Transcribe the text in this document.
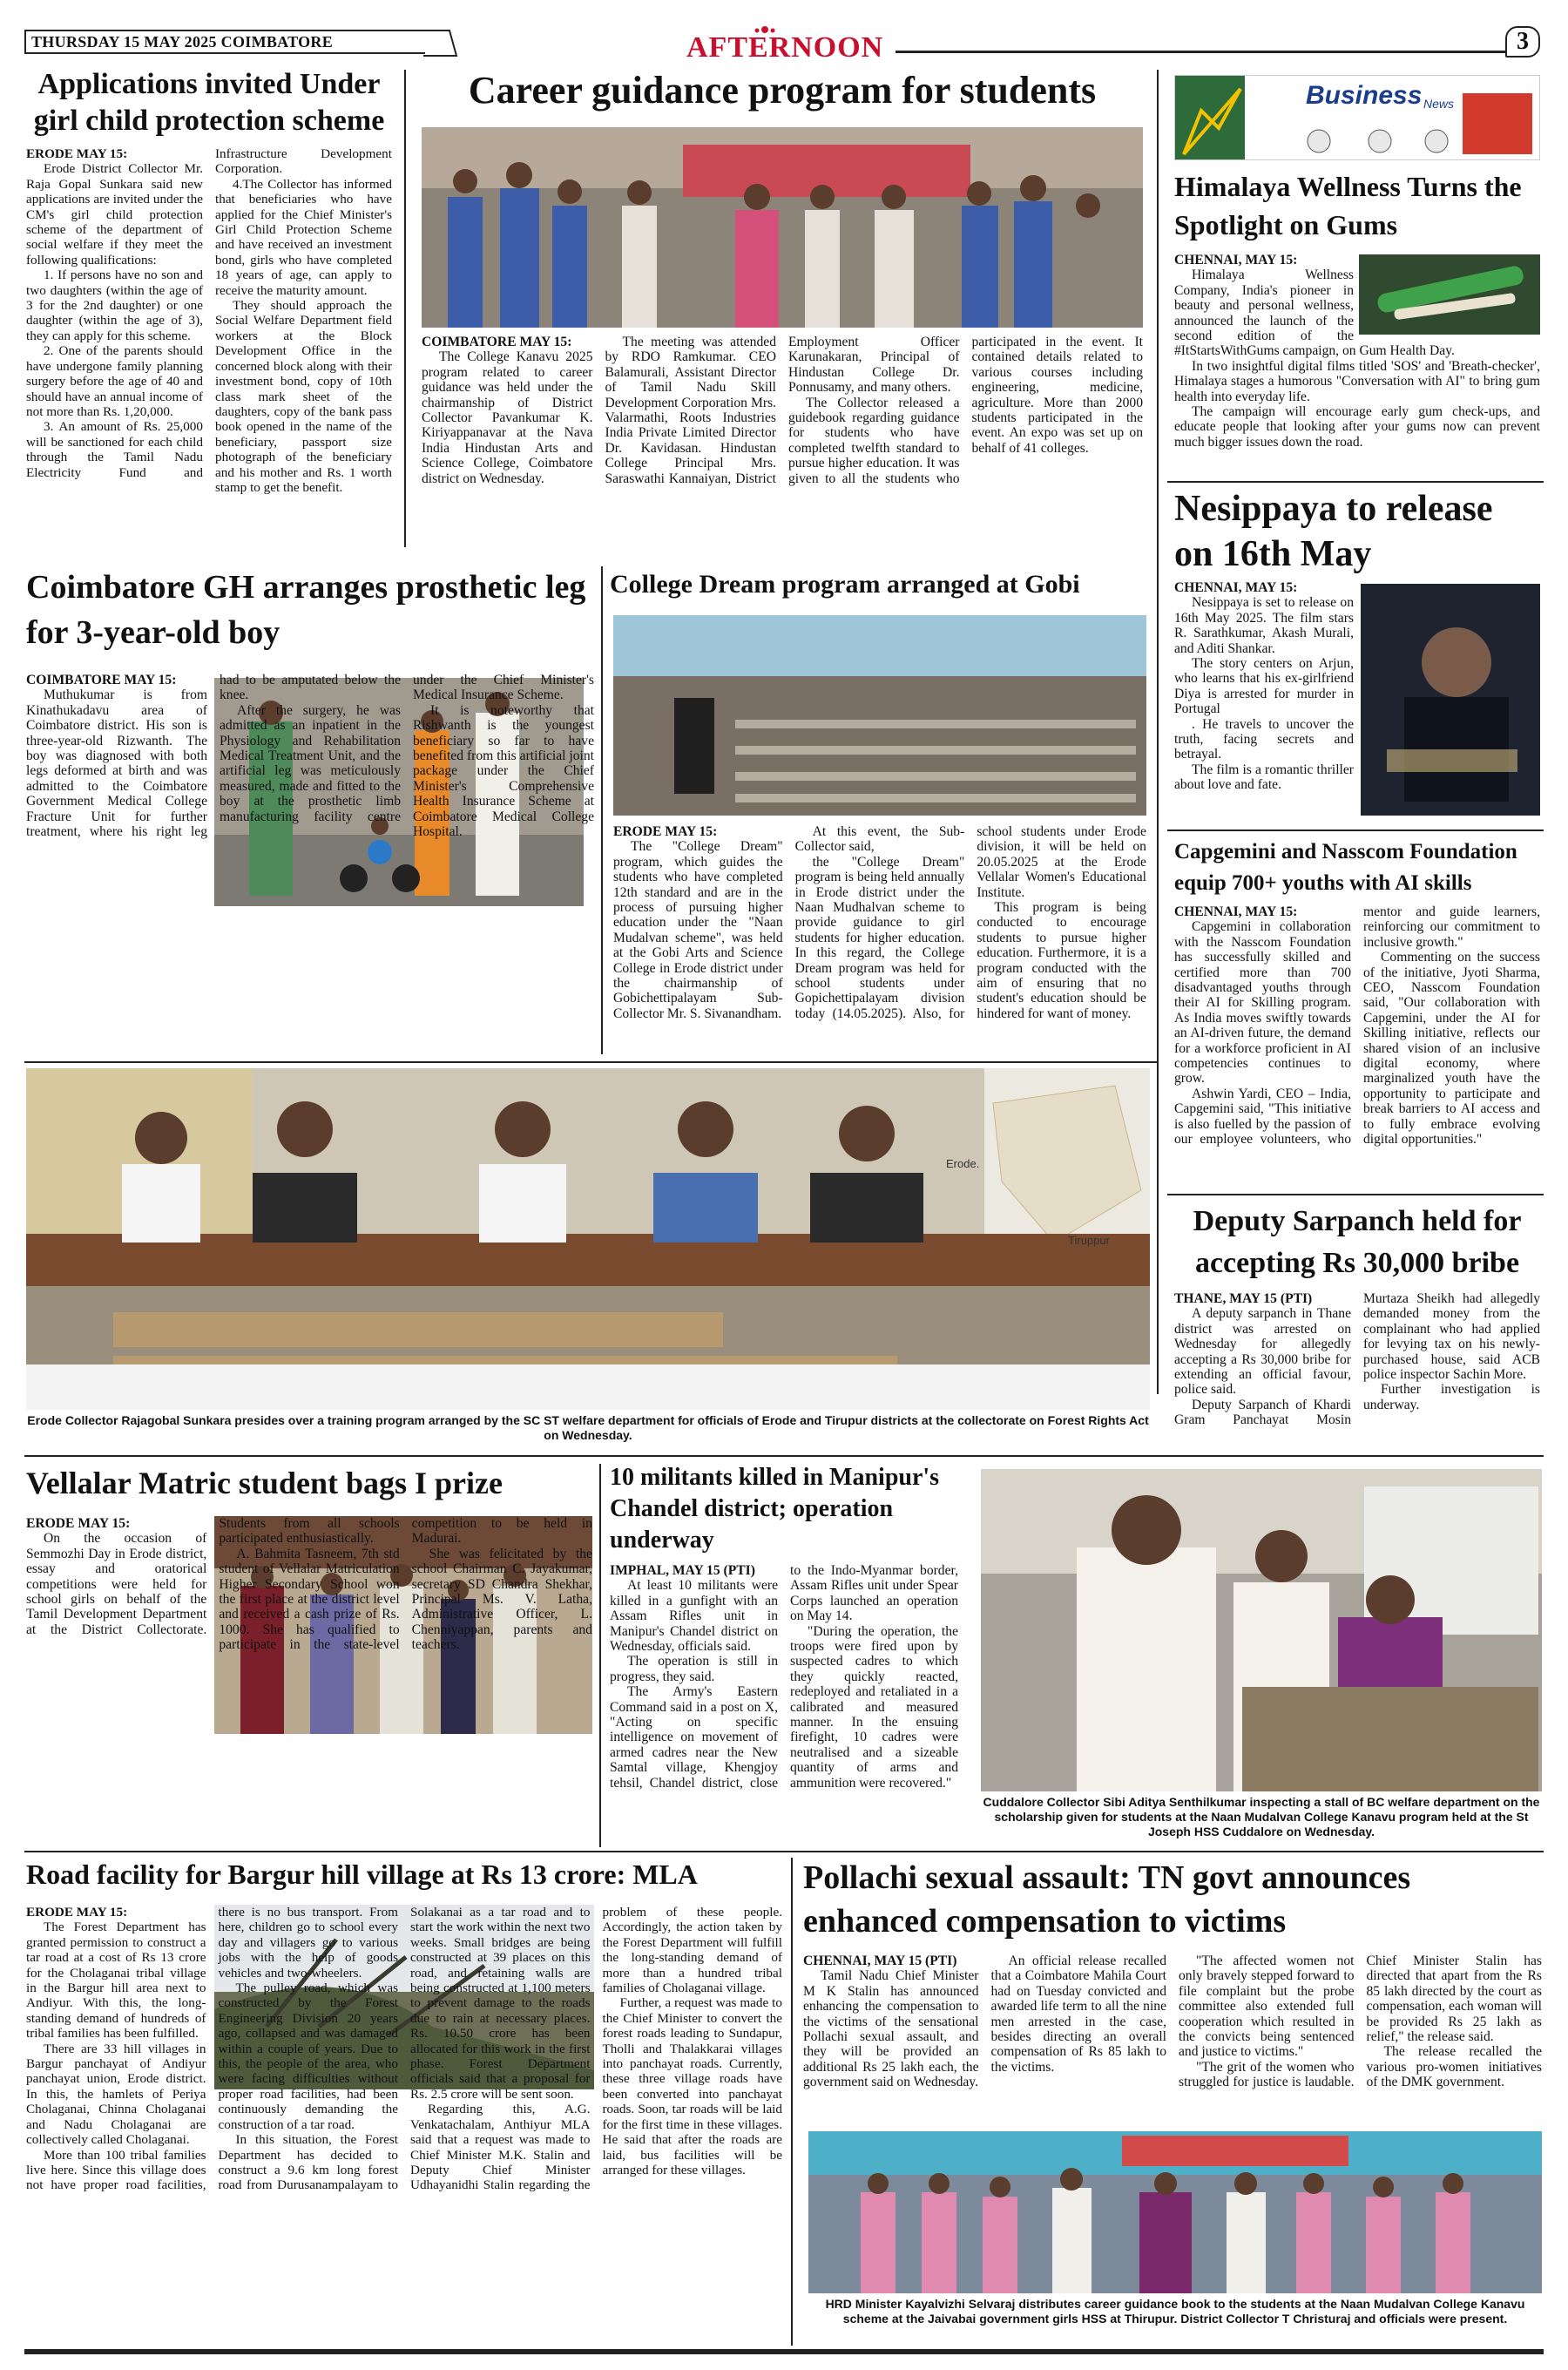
THURSDAY 15 MAY 2025 COIMBATORE	AFTERNOON	3
Applications invited Under girl child protection scheme
ERODE MAY 15:

Erode District Collector Mr. Raja Gopal Sunkara said new applications are invited under the CM's girl child protection scheme of the department of social welfare if they meet the following qualifications:

1. If persons have no son and two daughters (within the age of 3 for the 2nd daughter) or one daughter (within the age of 3), they can apply for this scheme.

2. One of the parents should have undergone family planning surgery before the age of 40 and should have an annual income of not more than Rs. 1,20,000.

3. An amount of Rs. 25,000 will be sanctioned for each child through the Tamil Nadu Electricity Fund and Infrastructure Development Corporation.

4.The Collector has informed that beneficiaries who have applied for the Chief Minister's Girl Child Protection Scheme and have received an investment bond, girls who have completed 18 years of age, can apply to receive the maturity amount.

They should approach the Social Welfare Department field workers at the Block Development Office in the concerned block along with their investment bond, copy of 10th class mark sheet of the daughters, copy of the bank pass book opened in the name of the beneficiary, passport size photograph of the beneficiary and his mother and Rs. 1 worth stamp to get the benefit.

Career guidance program for students
COIMBATORE MAY 15:

The College Kanavu 2025 program related to career guidance was held under the chairmanship of District Collector Pavankumar K. Kiriyappanavar at the Nava India Hindustan Arts and Science College, Coimbatore district on Wednesday.

The meeting was attended by RDO Ramkumar. CEO Balamurali, Assistant Director of Tamil Nadu Skill Development Corporation Mrs. Valarmathi, Roots Industries India Private Limited Director Dr. Kavidasan. Hindustan College Principal Mrs. Saraswathi Kannaiyan, District Employment Officer Karunakaran, Principal of Hindustan College Dr. Ponnusamy, and many others.

The Collector released a guidebook regarding guidance for students who have completed twelfth standard to pursue higher education. It was given to all the students who participated in the event. It contained details related to various courses including engineering, medicine, agriculture. More than 2000 students participated in the event. An expo was set up on behalf of 41 colleges.

Business News
Himalaya Wellness Turns the Spotlight on Gums
CHENNAI, MAY 15:

Himalaya Wellness Company, India's pioneer in beauty and personal wellness, announced the launch of the second edition of the #ItStartsWithGums campaign, on Gum Health Day.

In two insightful digital films titled 'SOS' and 'Breath-checker', Himalaya stages a humorous "Conversation with AI" to bring gum health into everyday life.

The campaign will encourage early gum check-ups, and educate people that looking after your gums now can prevent much bigger issues down the road.

Nesippaya to release on 16th May
CHENNAI, MAY 15:

Nesippaya is set to release on 16th May 2025. The film stars R. Sarathkumar, Akash Murali, and Aditi Shankar.

The story centers on Arjun, who learns that his ex-girlfriend Diya is arrested for murder in Portugal

. He travels to uncover the truth, facing secrets and betrayal.

The film is a romantic thriller about love and fate.

Coimbatore GH arranges prosthetic leg for 3-year-old boy
COIMBATORE MAY 15:

Muthukumar is from Kinathukadavu area of Coimbatore district. His son is three-year-old Rizwanth. The boy was diagnosed with both legs deformed at birth and was admitted to the Coimbatore Government Medical College Fracture Unit for further treatment, where his right leg had to be amputated below the knee.

After the surgery, he was admitted as an inpatient in the Physiology and Rehabilitation Medical Treatment Unit, and the artificial leg was meticulously measured, made and fitted to the boy at the prosthetic limb manufacturing facility centre under the Chief Minister's Medical Insurance Scheme.

It is noteworthy that Rishwanth is the youngest beneficiary so far to have benefited from this artificial joint package under the Chief Minister's Comprehensive Health Insurance Scheme at Coimbatore Medical College Hospital.

College Dream program arranged at Gobi
ERODE MAY 15:

The "College Dream" program, which guides the students who have completed 12th standard and are in the process of pursuing higher education under the "Naan Mudalvan scheme", was held at the Gobi Arts and Science College in Erode district under the chairmanship of Gobichettipalayam Sub-Collector Mr. S. Sivanandham.

At this event, the Sub-Collector said,

the "College Dream" program is being held annually in Erode district under the Naan Mudhalvan scheme to provide guidance to girl students for higher education. In this regard, the College Dream program was held for school students under Gopichettipalayam division today (14.05.2025). Also, for school students under Erode division, it will be held on 20.05.2025 at the Erode Vellalar Women's Educational Institute.

This program is being conducted to encourage students to pursue higher education. Furthermore, it is a program conducted with the aim of ensuring that no student's education should be hindered for want of money.

Capgemini and Nasscom Foundation equip 700+ youths with AI skills
CHENNAI, MAY 15:

Capgemini in collaboration with the Nasscom Foundation has successfully skilled and certified more than 700 disadvantaged youths through their AI for Skilling program. As India moves swiftly towards an AI-driven future, the demand for a workforce proficient in AI competencies continues to grow.

Ashwin Yardi, CEO – India, Capgemini said, "This initiative is also fuelled by the passion of our employee volunteers, who mentor and guide learners, reinforcing our commitment to inclusive growth."

Commenting on the success of the initiative, Jyoti Sharma, CEO, Nasscom Foundation said, "Our collaboration with Capgemini, under the AI for Skilling initiative, reflects our shared vision of an inclusive digital economy, where marginalized youth have the opportunity to participate and break barriers to AI access and to fully embrace evolving digital opportunities."

Erode.
Tiruppur
Erode Collector Rajagobal Sunkara presides over a training program arranged by the SC ST welfare department for officials of Erode and Tirupur districts at the collectorate on Forest Rights Act on Wednesday.
Deputy Sarpanch held for accepting Rs 30,000 bribe
THANE, MAY 15 (PTI)

A deputy sarpanch in Thane district was arrested on Wednesday for allegedly accepting a Rs 30,000 bribe for extending an official favour, police said.

Deputy Sarpanch of Khardi Gram Panchayat Mosin Murtaza Sheikh had allegedly demanded money from the complainant who had applied for levying tax on his newly-purchased house, said ACB police inspector Sachin More.

Further investigation is underway.

Vellalar Matric student bags I prize
ERODE MAY 15:

On the occasion of Semmozhi Day in Erode district, essay and oratorical competitions were held for school girls on behalf of the Tamil Development Department at the District Collectorate. Students from all schools participated enthusiastically.

A. Bahmita Tasneem, 7th std student of Vellalar Matriculation Higher Secondary School won the first place at the district level and received a cash prize of Rs. 1000. She has qualified to participate in the state-level competition to be held in Madurai.

She was felicitated by the school Chairman C. Jayakumar, secretary SD Chandra Shekhar, Principal Ms. V. Latha, Administrative Officer, L. Chenniyappan, parents and teachers.

10 militants killed in Manipur's Chandel district; operation underway
IMPHAL, MAY 15 (PTI)

At least 10 militants were killed in a gunfight with an Assam Rifles unit in Manipur's Chandel district on Wednesday, officials said.

The operation is still in progress, they said.

The Army's Eastern Command said in a post on X, "Acting on specific intelligence on movement of armed cadres near the New Samtal village, Khengjoy tehsil, Chandel district, close to the Indo-Myanmar border, Assam Rifles unit under Spear Corps launched an operation on May 14.

"During the operation, the troops were fired upon by suspected cadres to which they quickly reacted, redeployed and retaliated in a calibrated and measured manner. In the ensuing firefight, 10 cadres were neutralised and a sizeable quantity of arms and ammunition were recovered."

Cuddalore Collector Sibi Aditya Senthilkumar inspecting a stall of BC welfare department on the scholarship given for students at the Naan Mudalvan College Kanavu program held at the St Joseph HSS Cuddalore on Wednesday.
Road facility for Bargur hill village at Rs 13 crore: MLA
ERODE MAY 15:

The Forest Department has granted permission to construct a tar road at a cost of Rs 13 crore for the Cholaganai tribal village in the Bargur hill area next to Andiyur. With this, the long-standing demand of hundreds of tribal families has been fulfilled.

There are 33 hill villages in Bargur panchayat of Andiyur panchayat union, Erode district. In this, the hamlets of Periya Cholaganai, Chinna Cholaganai and Nadu Cholaganai are collectively called Cholaganai.

More than 100 tribal families live here. Since this village does not have proper road facilities, there is no bus transport. From here, children go to school every day and villagers go to various jobs with the help of goods vehicles and two-wheelers.

The pulley road, which was constructed by the Forest Engineering Division 20 years ago, collapsed and was damaged within a couple of years. Due to this, the people of the area, who were facing difficulties without proper road facilities, had been continuously demanding the construction of a tar road.

In this situation, the Forest Department has decided to construct a 9.6 km long forest road from Durusanampalayam to Solakanai as a tar road and to start the work within the next two weeks. Small bridges are being constructed at 39 places on this road, and retaining walls are being constructed at 1,100 meters to prevent damage to the roads due to rain at necessary places. Rs. 10.50 crore has been allocated for this work in the first phase. Forest Department officials said that a proposal for Rs. 2.5 crore will be sent soon.

Regarding this, A.G. Venkatachalam, Anthiyur MLA said that a request was made to Chief Minister M.K. Stalin and Deputy Chief Minister Udhayanidhi Stalin regarding the problem of these people. Accordingly, the action taken by the Forest Department will fulfill the long-standing demand of more than a hundred tribal families of Cholaganai village.

Further, a request was made to the Chief Minister to convert the forest roads leading to Sundapur, Tholli and Thalakkarai villages into panchayat roads. Currently, these three village roads have been converted into panchayat roads. Soon, tar roads will be laid for the first time in these villages. He said that after the roads are laid, bus facilities will be arranged for these villages.

Pollachi sexual assault: TN govt announces enhanced compensation to victims
CHENNAI, MAY 15 (PTI)

Tamil Nadu Chief Minister M K Stalin has announced enhancing the compensation to the victims of the sensational Pollachi sexual assault, and they will be provided an additional Rs 25 lakh each, the government said on Wednesday.

An official release recalled that a Coimbatore Mahila Court had on Tuesday convicted and awarded life term to all the nine men arrested in the case, besides directing an overall compensation of Rs 85 lakh to the victims.

"The affected women not only bravely stepped forward to file complaint but the probe committee also extended full cooperation which resulted in the convicts being sentenced and justice to victims."

"The grit of the women who struggled for justice is laudable. Chief Minister Stalin has directed that apart from the Rs 85 lakh directed by the court as compensation, each woman will be provided Rs 25 lakh as relief," the release said.

The release recalled the various pro-women initiatives of the DMK government.

HRD Minister Kayalvizhi Selvaraj distributes career guidance book to the students at the Naan Mudalvan College Kanavu scheme at the Jaivabai government girls HSS at Thirupur. District Collector T Christuraj and officials were present.
